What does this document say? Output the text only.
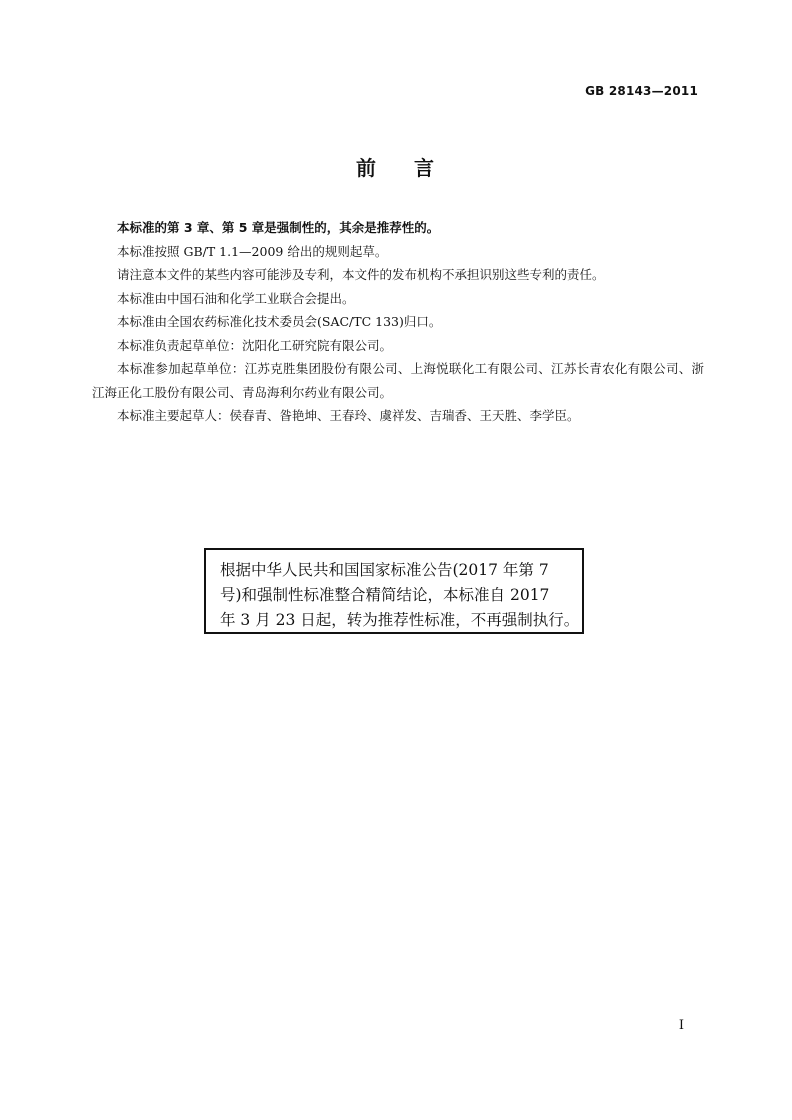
GB 28143—2011
前 言

本标准的第 3 章、第 5 章是强制性的，其余是推荐性的。

本标准按照 GB/T 1.1—2009 给出的规则起草。

请注意本文件的某些内容可能涉及专利，本文件的发布机构不承担识别这些专利的责任。

本标准由中国石油和化学工业联合会提出。

本标准由全国农药标准化技术委员会(SAC/TC 133)归口。

本标准负责起草单位：沈阳化工研究院有限公司。

本标准参加起草单位：江苏克胜集团股份有限公司、上海悦联化工有限公司、江苏长青农化有限公司、浙江海正化工股份有限公司、青岛海利尔药业有限公司。

本标准主要起草人：侯春青、昝艳坤、王春玲、虞祥发、吉瑞香、王天胜、李学臣。

根据中华人民共和国国家标准公告(2017 年第 7
号)和强制性标准整合精简结论，本标准自 2017
年 3 月 23 日起，转为推荐性标准，不再强制执行。
I
